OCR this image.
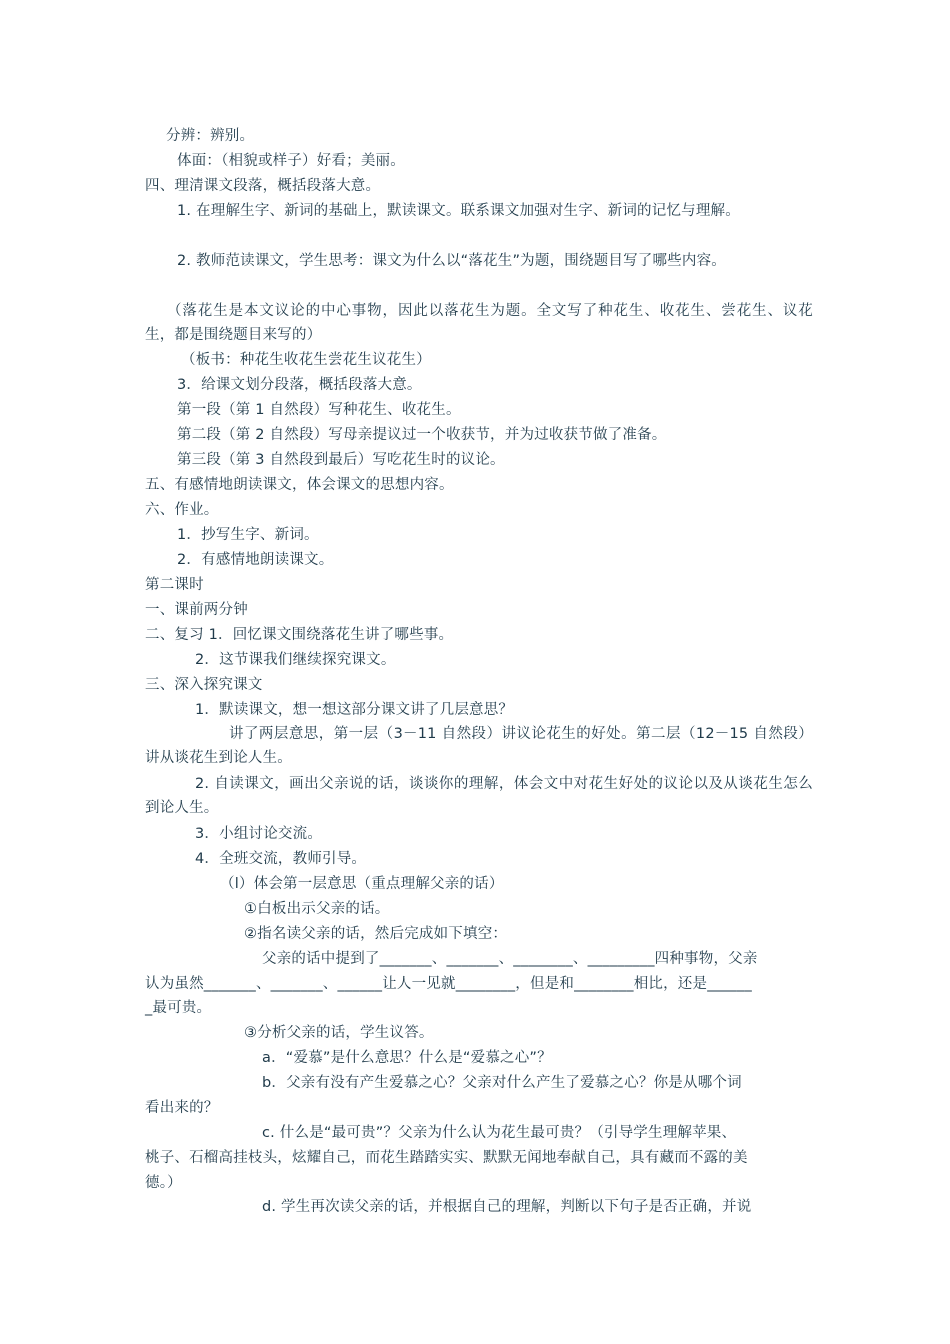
分辨：辨别。
体面：（相貌或样子）好看；美丽。
四、理清课文段落，概括段落大意。
1. 在理解生字、新词的基础上，默读课文。联系课文加强对生字、新词的记忆与理解。
2. 教师范读课文，学生思考：课文为什么以“落花生”为题，围绕题目写了哪些内容。
（落花生是本文议论的中心事物，因此以落花生为题。全文写了种花生、收花生、尝花生、议花生，都是围绕题目来写的）
（板书：种花生收花生尝花生议花生）
3．给课文划分段落，概括段落大意。
第一段（第 1 自然段）写种花生、收花生。
第二段（第 2 自然段）写母亲提议过一个收获节，并为过收获节做了准备。
第三段（第 3 自然段到最后）写吃花生时的议论。
五、有感情地朗读课文，体会课文的思想内容。
六、作业。
1．抄写生字、新词。
2．有感情地朗读课文。
第二课时
一、课前两分钟
二、复习 1．回忆课文围绕落花生讲了哪些事。
2．这节课我们继续探究课文。
三、深入探究课文
1．默读课文，想一想这部分课文讲了几层意思？
讲了两层意思，第一层（3－11 自然段）讲议论花生的好处。第二层（12－15 自然段）讲从谈花生到论人生。
2. 自读课文，画出父亲说的话，谈谈你的理解，体会文中对花生好处的议论以及从谈花生怎么到论人生。
3．小组讨论交流。
4．全班交流，教师引导。
（l）体会第一层意思（重点理解父亲的话）
①白板出示父亲的话。
②指名读父亲的话，然后完成如下填空：
父亲的话中提到了_______、_______、________、_________四种事物，父亲
认为虽然_______、_______、______让人一见就________，但是和________相比，还是______
_最可贵。
③分析父亲的话，学生议答。
a．“爱慕”是什么意思？什么是“爱慕之心”？
b．父亲有没有产生爱慕之心？父亲对什么产生了爱慕之心？你是从哪个词
看出来的？
c. 什么是“最可贵”？父亲为什么认为花生最可贵？（引导学生理解苹果、
桃子、石榴高挂枝头，炫耀自己，而花生踏踏实实、默默无闻地奉献自己，具有藏而不露的美
德。）
d. 学生再次读父亲的话，并根据自己的理解，判断以下句子是否正确，并说
